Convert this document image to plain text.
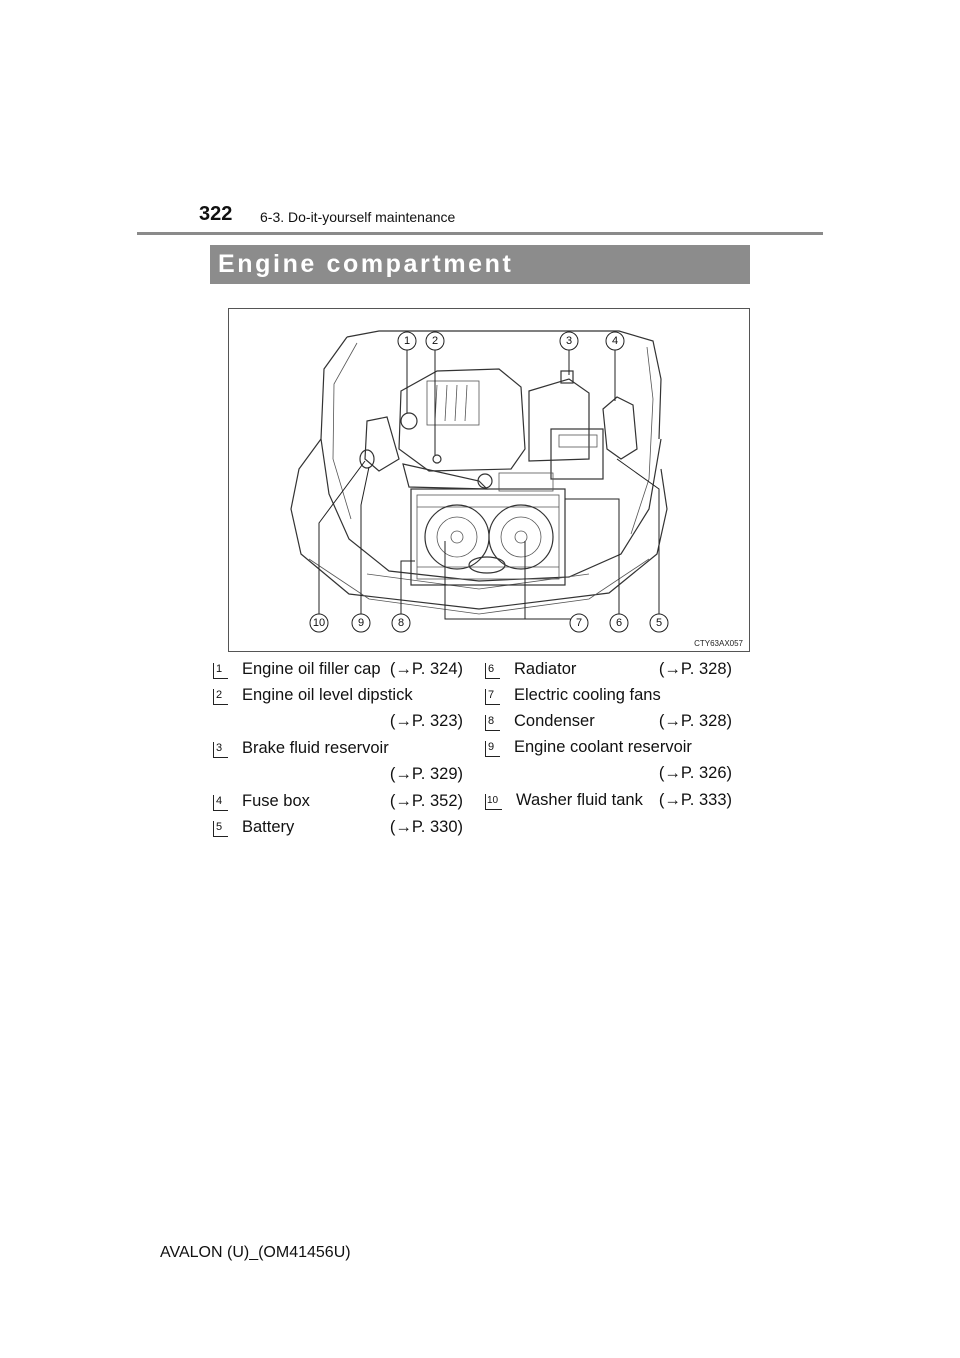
322 6-3. Do-it-yourself maintenance
Engine compartment
1 2	3	4
5
6
7
8
9
10
CTY63AX057
1	Engine oil filler cap (→P. 324)
2	Engine oil level dipstick
(→P. 323)
3	Brake fluid reservoir
(→P. 329)
4	Fuse box	(→P. 352)
5	Battery	(→P. 330)
6	Radiator	(→P. 328)
7	Electric cooling fans
8	Condenser	(→P. 328)
9	Engine coolant reservoir
(→P. 326)
10 Washer fluid tank (→P. 333)
AVALON (U)_(OM41456U)
